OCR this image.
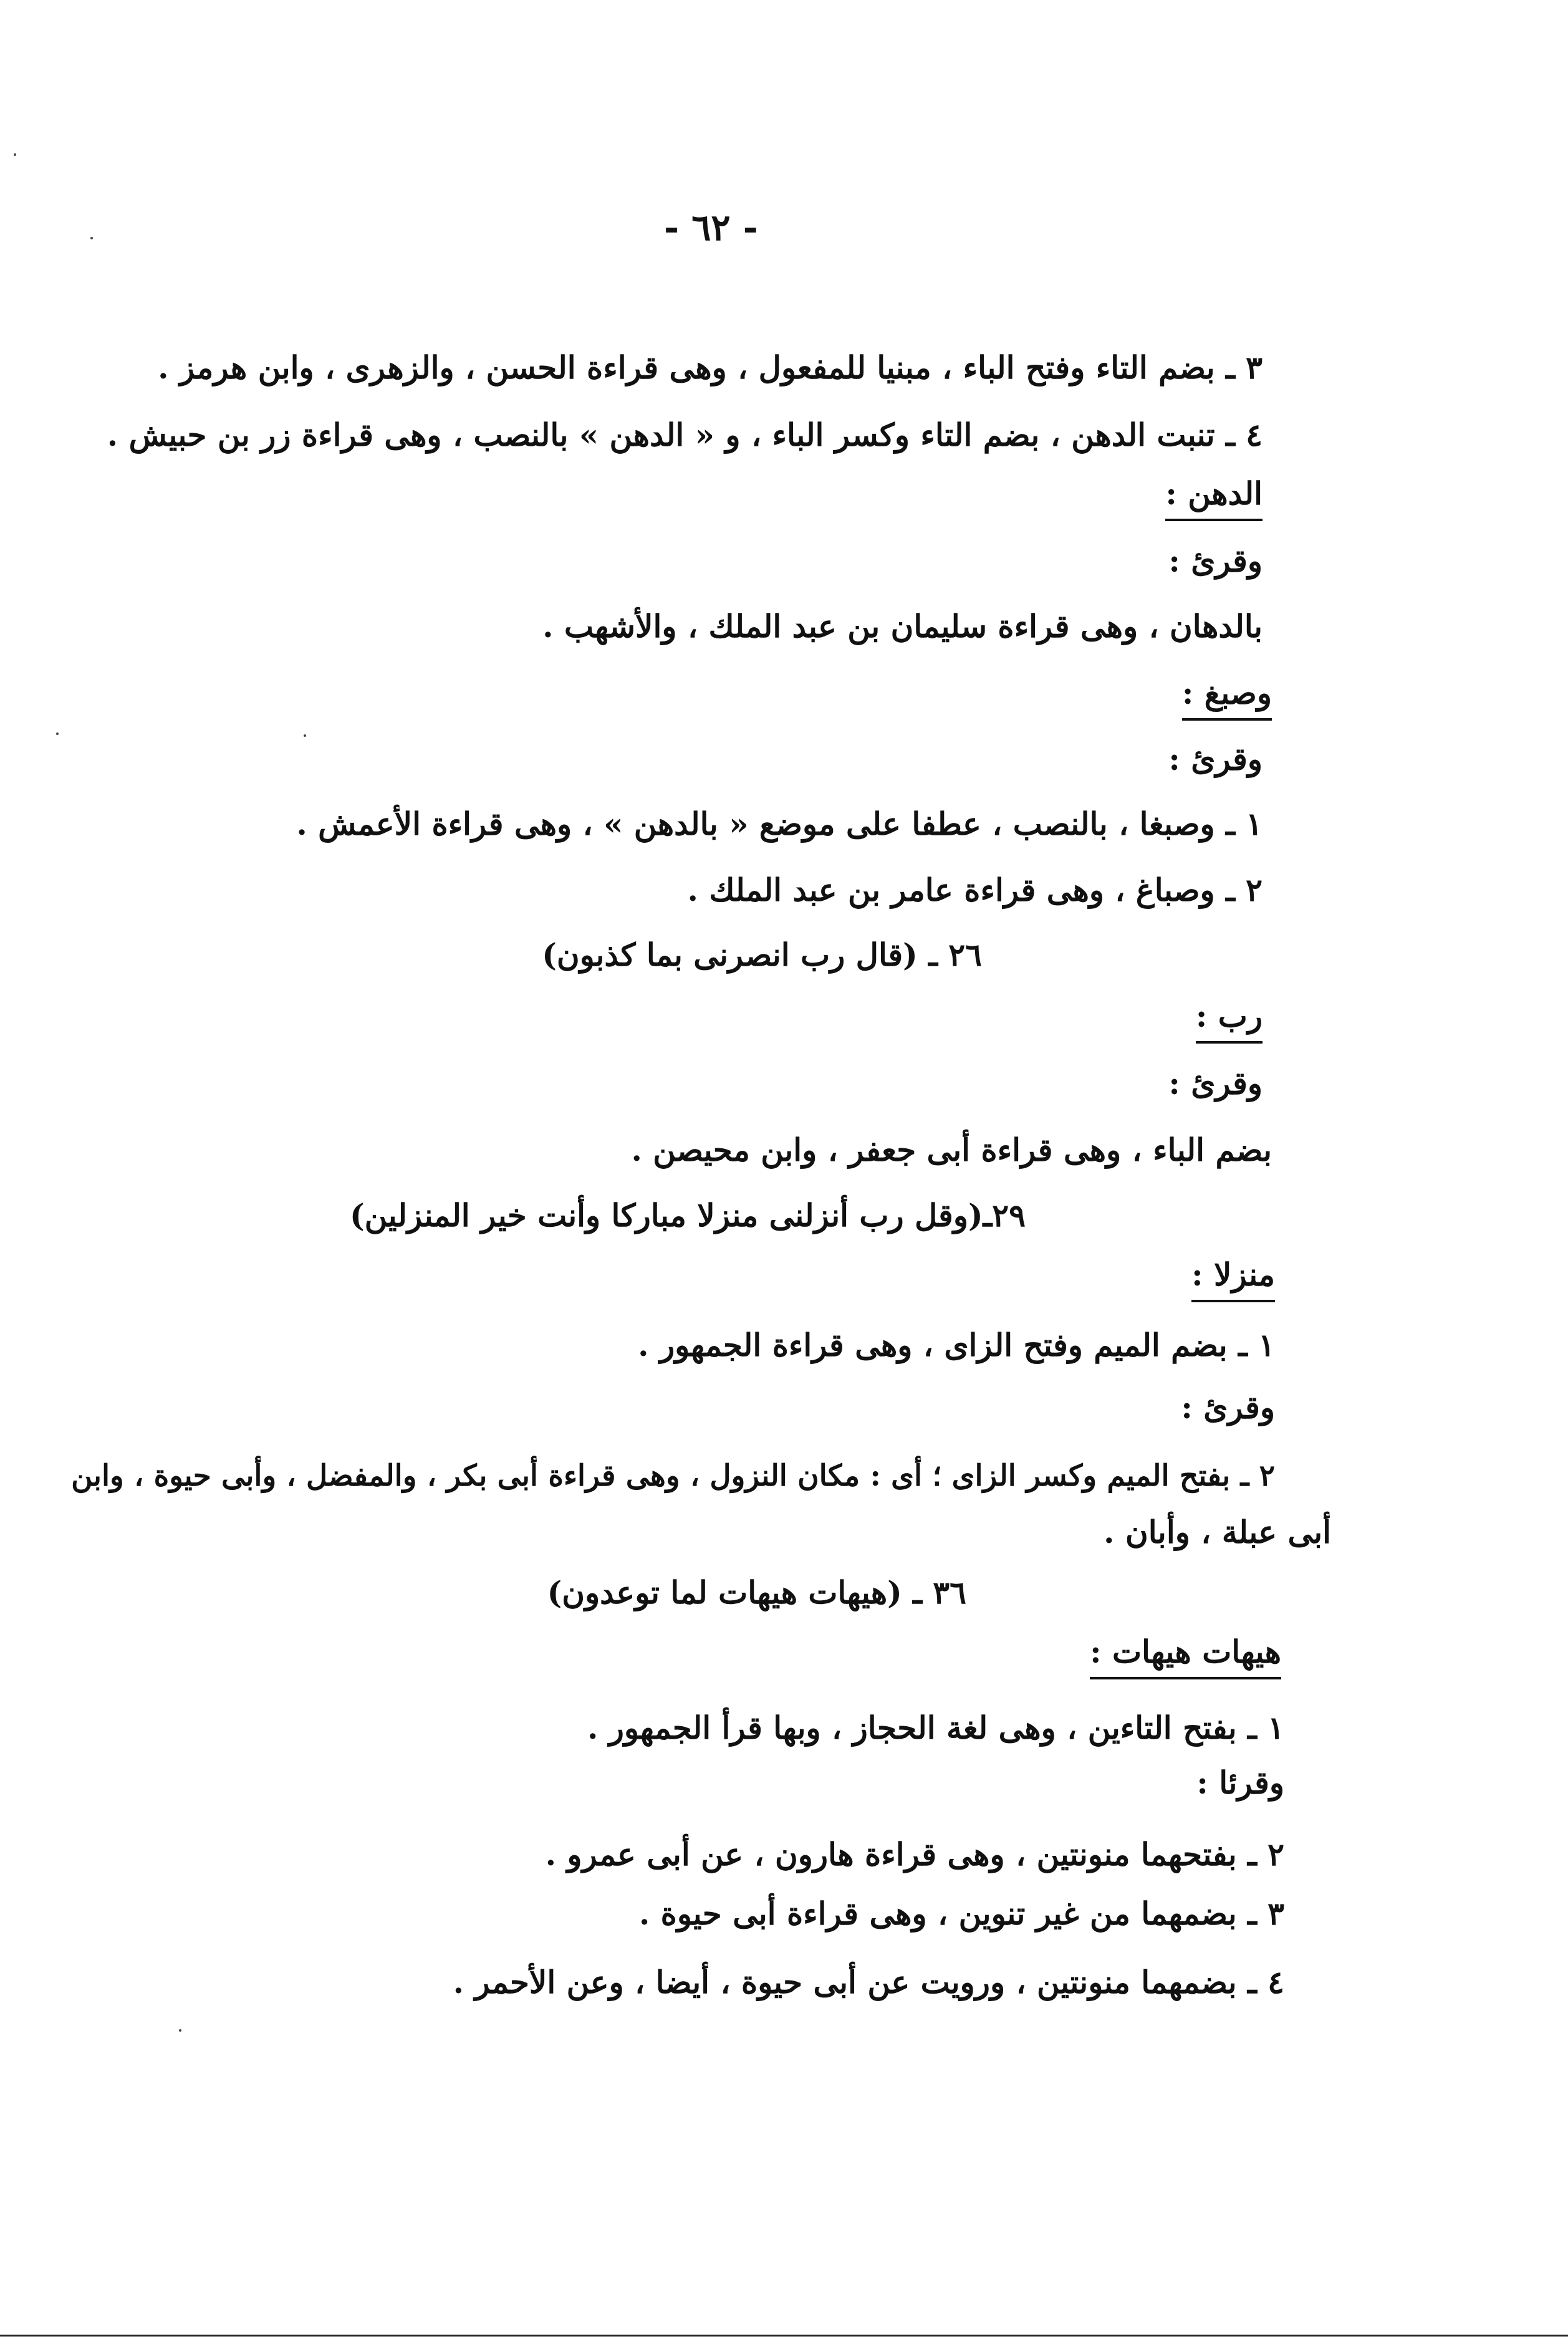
- ٦٢ -
٣ ـ بضم التاء وفتح الباء ، مبنيا للمفعول ، وهى قراءة الحسن ، والزهرى ، وابن هرمز .
٤ ـ تنبت الدهن ، بضم التاء وكسر الباء ، و « الدهن » بالنصب ، وهى قراءة زر بن حبيش .
الدهن :
وقرئ :
بالدهان ، وهى قراءة سليمان بن عبد الملك ، والأشهب .
وصبغ :
وقرئ :
١ ـ وصبغا ، بالنصب ، عطفا على موضع « بالدهن » ، وهى قراءة الأعمش .
٢ ـ وصباغ ، وهى قراءة عامر بن عبد الملك .
٢٦ ـ (قال رب انصرنى بما كذبون)
رب :
وقرئ :
بضم الباء ، وهى قراءة أبى جعفر ، وابن محيصن .
٢٩ـ(وقل رب أنزلنى منزلا مباركا وأنت خير المنزلين)
منزلا :
١ ـ بضم الميم وفتح الزاى ، وهى قراءة الجمهور .
وقرئ :
٢ ـ بفتح الميم وكسر الزاى ؛ أى : مكان النزول ، وهى قراءة أبى بكر ، والمفضل ، وأبى حيوة ، وابن
أبى عبلة ، وأبان .
٣٦ ـ (هيهات هيهات لما توعدون)
هيهات هيهات :
١ ـ بفتح التاءين ، وهى لغة الحجاز ، وبها قرأ الجمهور .
وقرئا :
٢ ـ بفتحهما منونتين ، وهى قراءة هارون ، عن أبى عمرو .
٣ ـ بضمهما من غير تنوين ، وهى قراءة أبى حيوة .
٤ ـ بضمهما منونتين ، ورويت عن أبى حيوة ، أيضا ، وعن الأحمر .
